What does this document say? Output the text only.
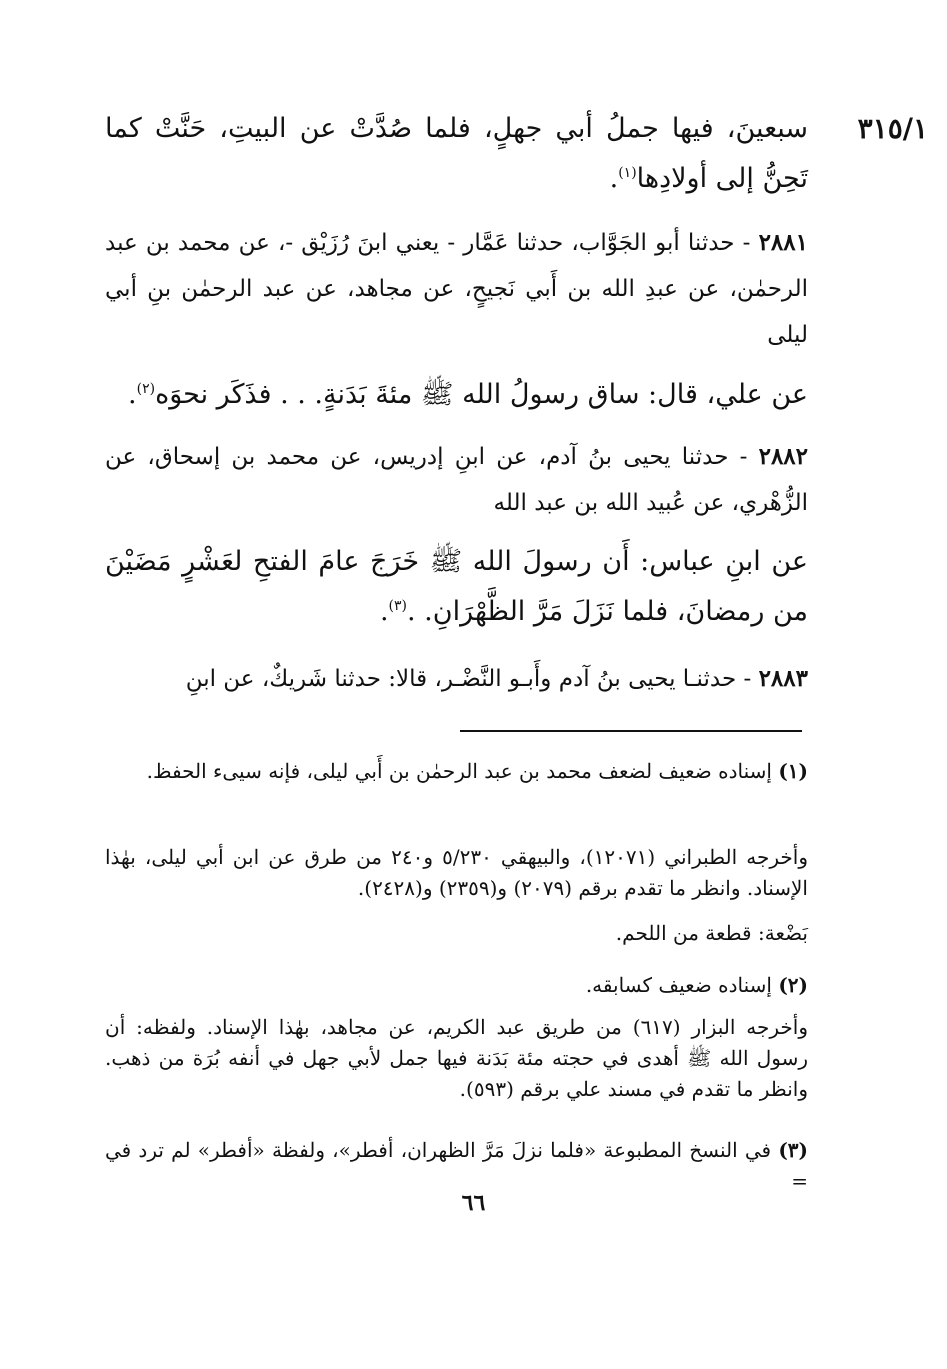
٣١٥/١
سبعينَ، فيها جملُ أبي جهلٍ، فلما صُدَّتْ عن البيتِ، حَنَّتْ كما تَحِنُّ إلى أولادِها$^{(١)}$.
٢٨٨١ - حدثنا أبو الجَوَّاب، حدثنا عَمَّار - يعني ابنَ رُزَيْق -، عن محمد بن عبد الرحمٰن، عن عبدِ الله بن أَبي نَجيحٍ، عن مجاهد، عن عبد الرحمٰن بنِ أبي ليلى
عن علي، قال: ساق رسولُ الله ﷺ مئةَ بَدَنةٍ. . . فذَكَر نحوَه$^{(٢)}$.
٢٨٨٢ - حدثنا يحيى بنُ آدم، عن ابنِ إدريس، عن محمد بن إسحاق، عن الزُّهْري، عن عُبيد الله بن عبد الله
عن ابنِ عباس: أَن رسولَ الله ﷺ خَرَجَ عامَ الفتحِ لعَشْرٍ مَضَيْنَ من رمضانَ، فلما نَزَلَ مَرَّ الظَّهْرَانِ. .$^{(٣)}$.
٢٨٨٣ - حدثنـا يحيى بنُ آدم وأَبـو النَّضْـر، قالا: حدثنا شَريكٌ، عن ابنِ
(١) إسناده ضعيف لضعف محمد بن عبد الرحمٰن بن أَبي ليلى، فإنه سيىء الحفظ.
وأخرجه الطبراني (١٢٠٧١)، والبيهقي ٥/٢٣٠ و٢٤٠ من طرق عن ابن أبي ليلى، بهٰذا الإسناد. وانظر ما تقدم برقم (٢٠٧٩) و(٢٣٥٩) و(٢٤٢٨).
بَضْعة: قطعة من اللحم.
(٢) إسناده ضعيف كسابقه.
وأخرجه البزار (٦١٧) من طريق عبد الكريم، عن مجاهد، بهٰذا الإسناد. ولفظه: أن رسول الله ﷺ أهدى في حجته مئة بَدَنة فيها جمل لأبي جهل في أنفه بُرَة من ذهب. وانظر ما تقدم في مسند علي برقم (٥٩٣).
(٣) في النسخ المطبوعة «فلما نزلَ مَرَّ الظهران، أفطر»، ولفظة «أفطر» لم ترد في =
٦٦
